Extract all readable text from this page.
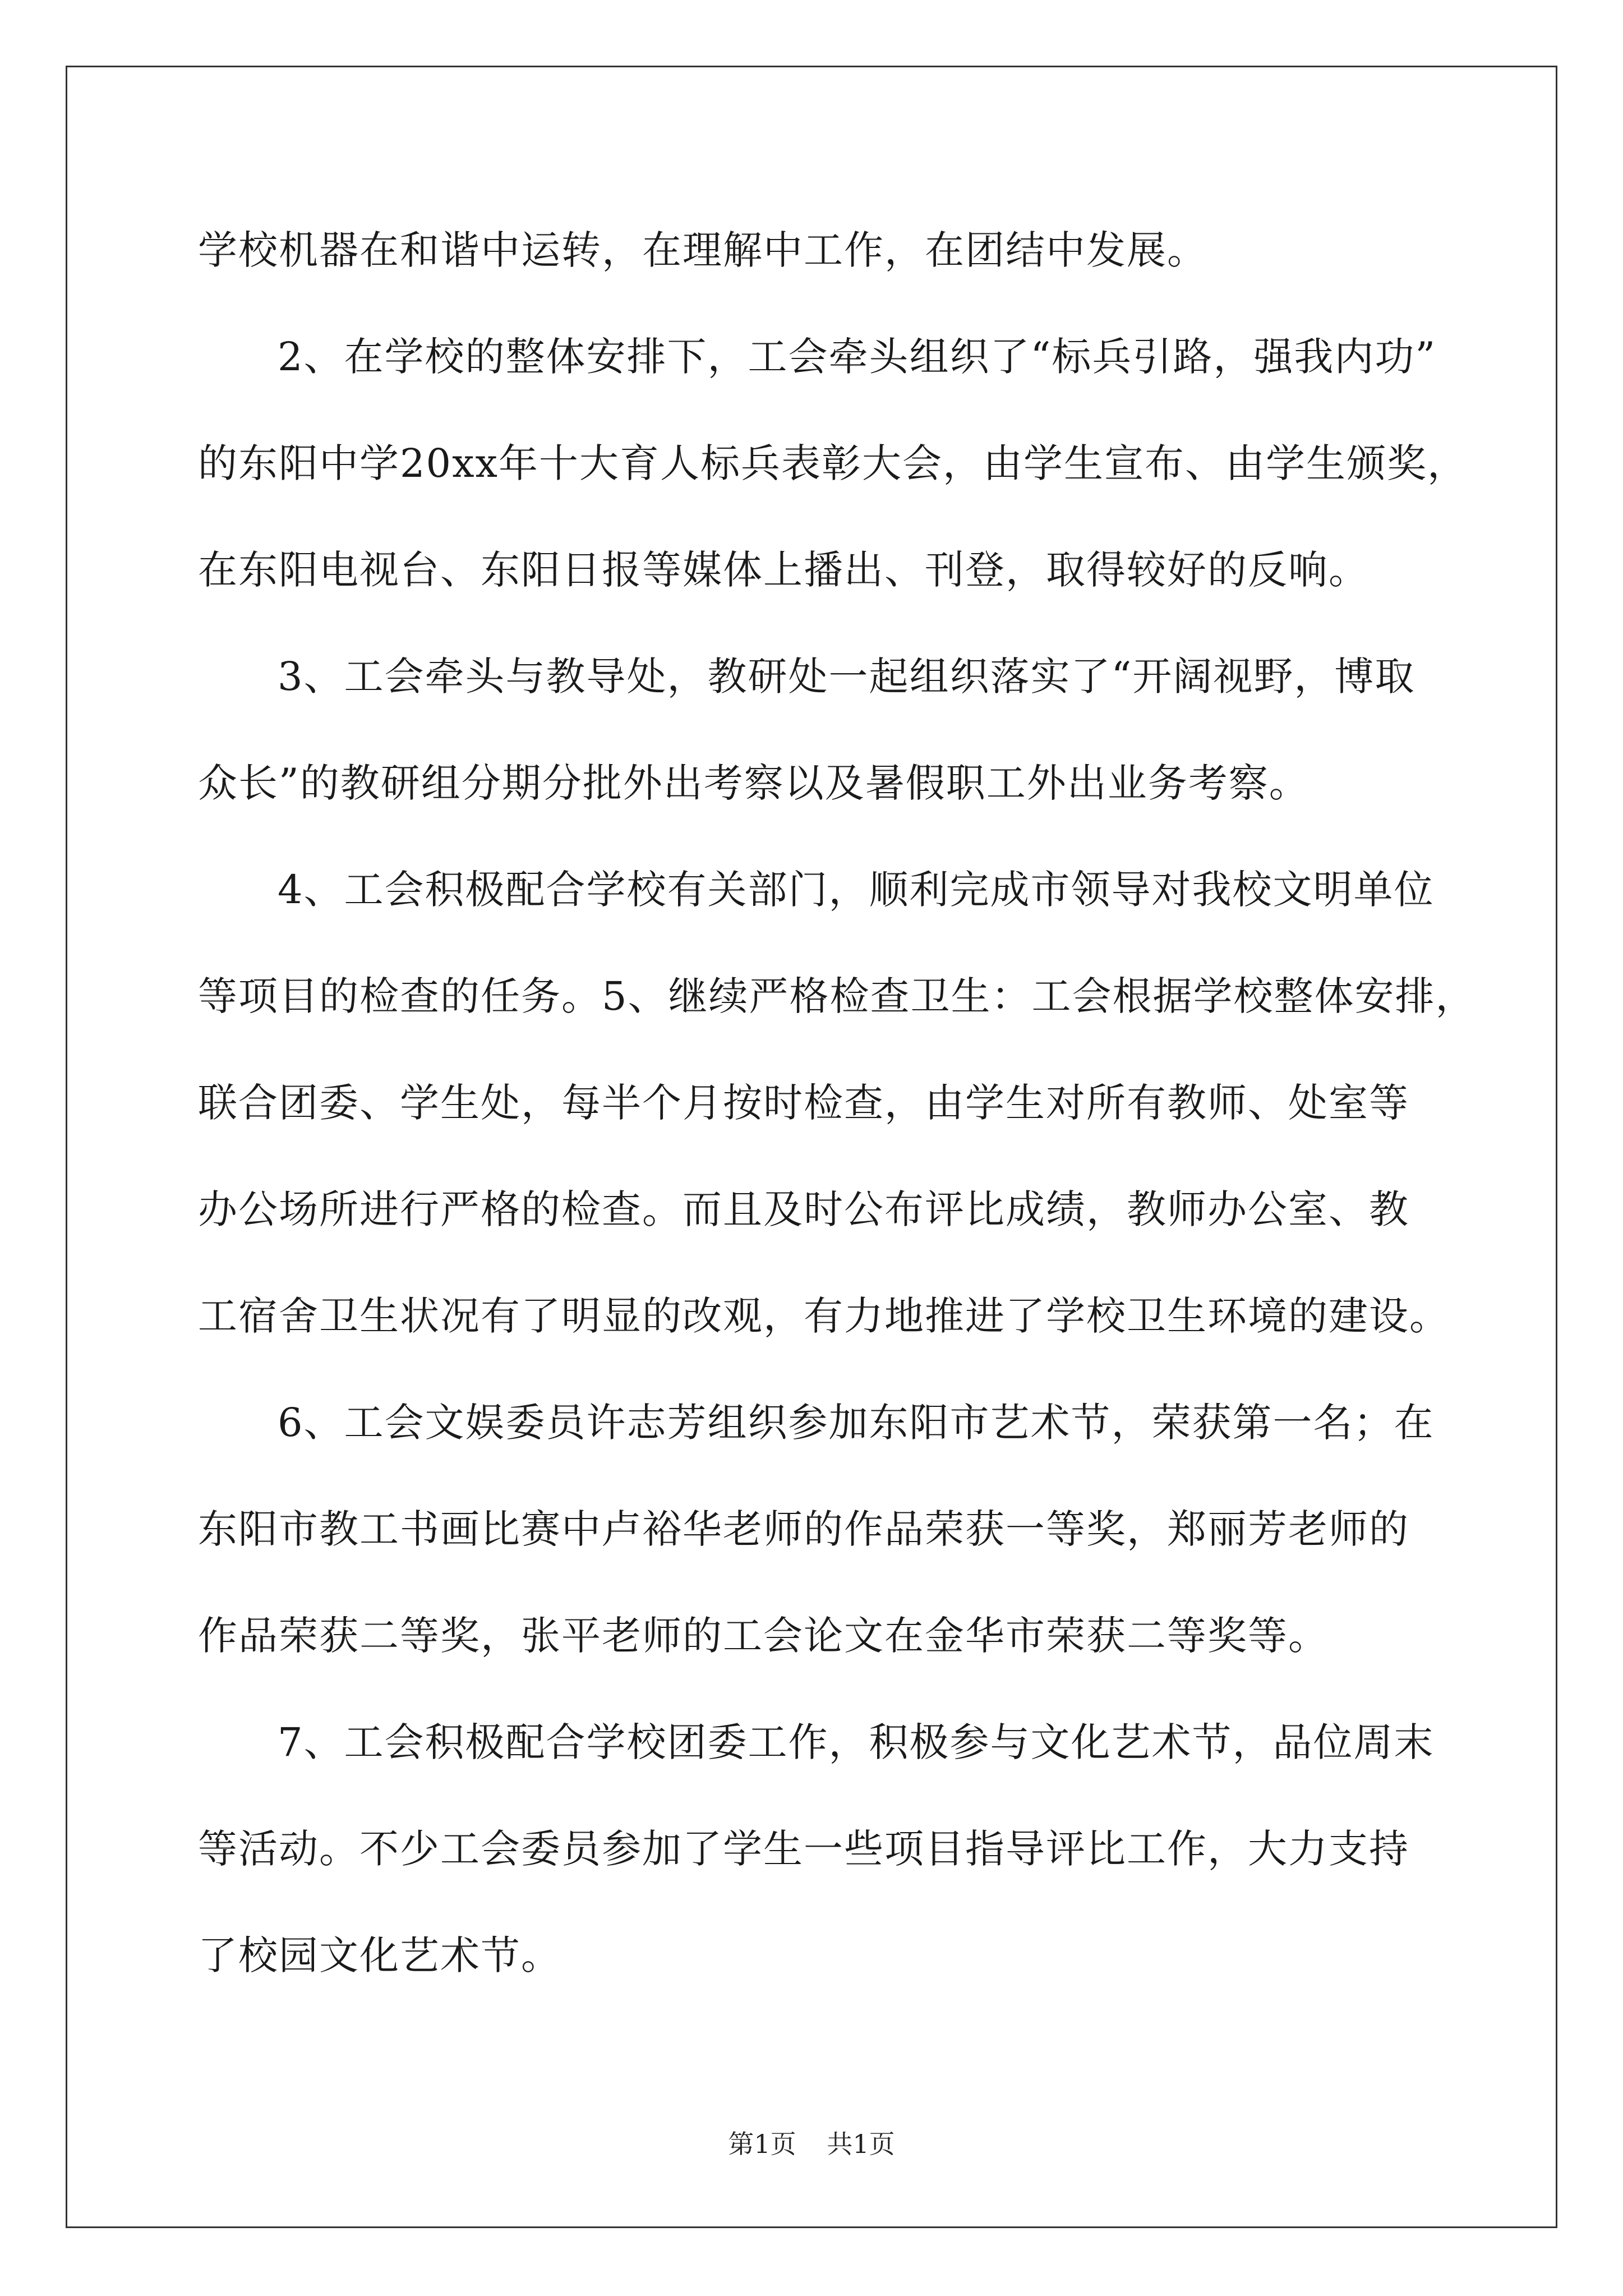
学校机器在和谐中运转，在理解中工作，在团结中发展。
2、在学校的整体安排下，工会牵头组织了“标兵引路，强我内功”
的东阳中学20xx年十大育人标兵表彰大会，由学生宣布、由学生颁奖，
在东阳电视台、东阳日报等媒体上播出、刊登，取得较好的反响。
3、工会牵头与教导处，教研处一起组织落实了“开阔视野，博取
众长”的教研组分期分批外出考察以及暑假职工外出业务考察。
4、工会积极配合学校有关部门，顺利完成市领导对我校文明单位
等项目的检查的任务。5、继续严格检查卫生：工会根据学校整体安排，
联合团委、学生处，每半个月按时检查，由学生对所有教师、处室等
办公场所进行严格的检查。而且及时公布评比成绩，教师办公室、教
工宿舍卫生状况有了明显的改观，有力地推进了学校卫生环境的建设。
6、工会文娱委员许志芳组织参加东阳市艺术节，荣获第一名；在
东阳市教工书画比赛中卢裕华老师的作品荣获一等奖，郑丽芳老师的
作品荣获二等奖，张平老师的工会论文在金华市荣获二等奖等。
7、工会积极配合学校团委工作，积极参与文化艺术节，品位周末
等活动。不少工会委员参加了学生一些项目指导评比工作，大力支持
了校园文化艺术节。
第1页 共1页
